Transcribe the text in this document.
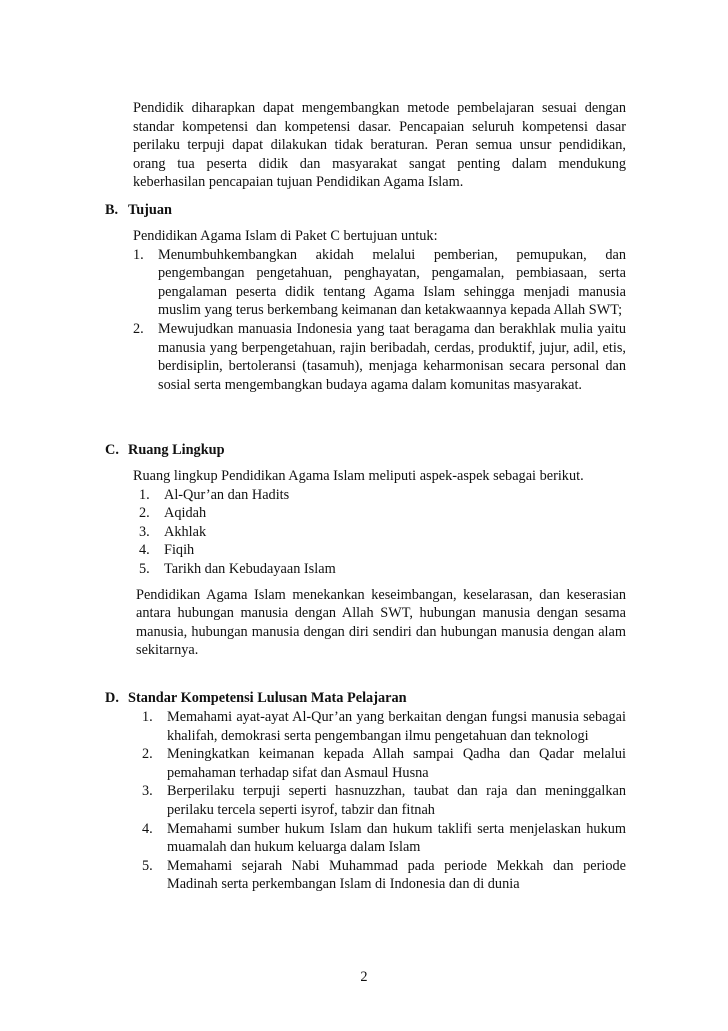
Pendidik diharapkan dapat mengembangkan metode pembelajaran sesuai dengan standar kompetensi dan kompetensi dasar. Pencapaian seluruh kompetensi dasar perilaku terpuji dapat dilakukan tidak beraturan. Peran semua unsur pendidikan, orang tua peserta didik dan masyarakat sangat penting dalam mendukung keberhasilan pencapaian tujuan Pendidikan Agama Islam.

B. Tujuan

Pendidikan Agama Islam di Paket C bertujuan untuk:

1. Menumbuhkembangkan akidah melalui pemberian, pemupukan, dan pengembangan pengetahuan, penghayatan, pengamalan, pembiasaan, serta pengalaman peserta didik tentang Agama Islam sehingga menjadi manusia muslim yang terus berkembang keimanan dan ketakwaannya kepada Allah SWT;
2. Mewujudkan manuasia Indonesia yang taat beragama dan berakhlak mulia yaitu manusia yang berpengetahuan, rajin beribadah, cerdas, produktif, jujur, adil, etis, berdisiplin, bertoleransi (tasamuh), menjaga keharmonisan secara personal dan sosial serta mengembangkan budaya agama dalam komunitas masyarakat.

C. Ruang Lingkup

Ruang lingkup Pendidikan Agama Islam meliputi aspek-aspek sebagai berikut.

1. Al-Qur’an dan Hadits
2. Aqidah
3. Akhlak
4. Fiqih
5. Tarikh dan Kebudayaan Islam

Pendidikan Agama Islam menekankan keseimbangan, keselarasan, dan keserasian antara hubungan manusia dengan Allah SWT, hubungan manusia dengan sesama manusia, hubungan manusia dengan diri sendiri dan hubungan manusia dengan alam sekitarnya.

D. Standar Kompetensi Lulusan Mata Pelajaran

1. Memahami ayat-ayat Al-Qur’an yang berkaitan dengan fungsi manusia sebagai khalifah, demokrasi serta pengembangan ilmu pengetahuan dan teknologi
2. Meningkatkan keimanan kepada Allah sampai Qadha dan Qadar melalui pemahaman terhadap sifat dan Asmaul Husna
3. Berperilaku terpuji seperti hasnuzzhan, taubat dan raja dan meninggalkan perilaku tercela seperti isyrof, tabzir dan fitnah
4. Memahami sumber hukum Islam dan hukum taklifi serta menjelaskan hukum muamalah dan hukum keluarga dalam Islam
5. Memahami sejarah Nabi Muhammad pada periode Mekkah dan periode Madinah serta perkembangan Islam di Indonesia dan di dunia

2
